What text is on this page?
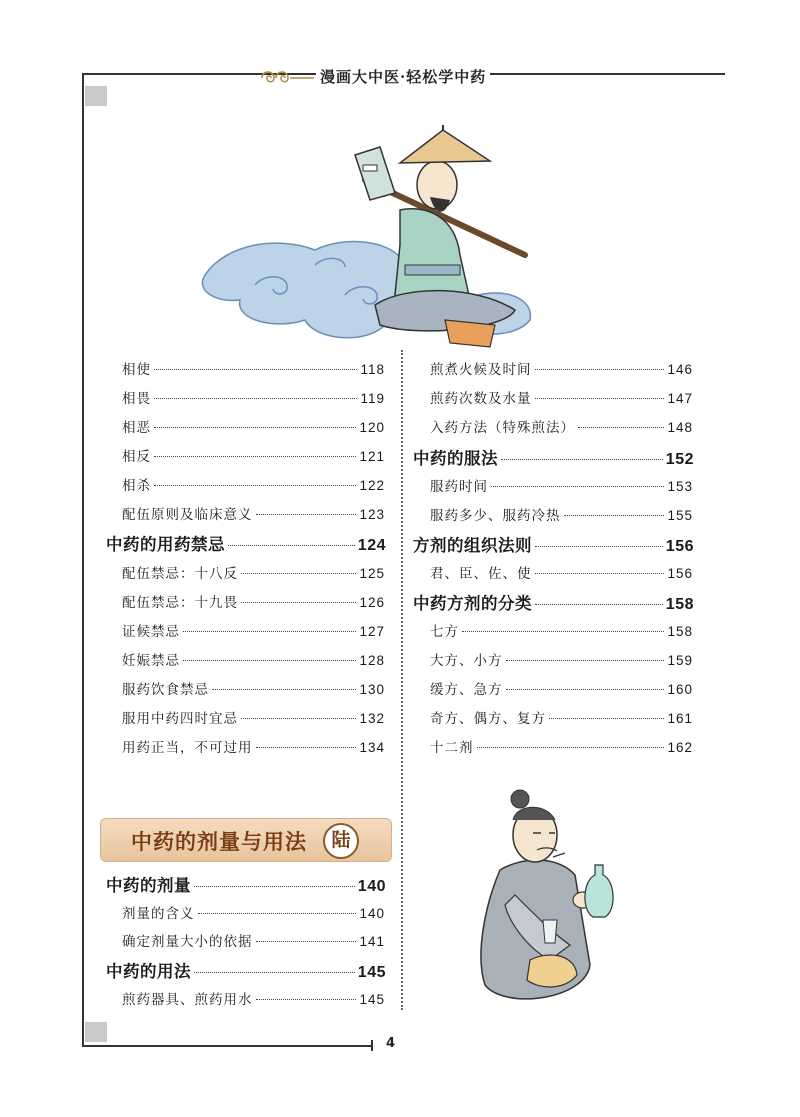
漫画大中医·轻松学中药
相使	118
相畏	119
相恶	120
相反	121
相杀	122
配伍原则及临床意义	123
中药的用药禁忌	124
配伍禁忌：十八反	125
配伍禁忌：十九畏	126
证候禁忌	127
妊娠禁忌	128
服药饮食禁忌	130
服用中药四时宜忌	132
用药正当，不可过用	134
中药的剂量与用法	陆
中药的剂量	140
剂量的含义	140
确定剂量大小的依据	141
中药的用法	145
煎药器具、煎药用水	145
煎煮火候及时间	146
煎药次数及水量	147
入药方法（特殊煎法）	148
中药的服法	152
服药时间	153
服药多少、服药冷热	155
方剂的组织法则	156
君、臣、佐、使	156
中药方剂的分类	158
七方	158
大方、小方	159
缓方、急方	160
奇方、偶方、复方	161
十二剂	162
4
